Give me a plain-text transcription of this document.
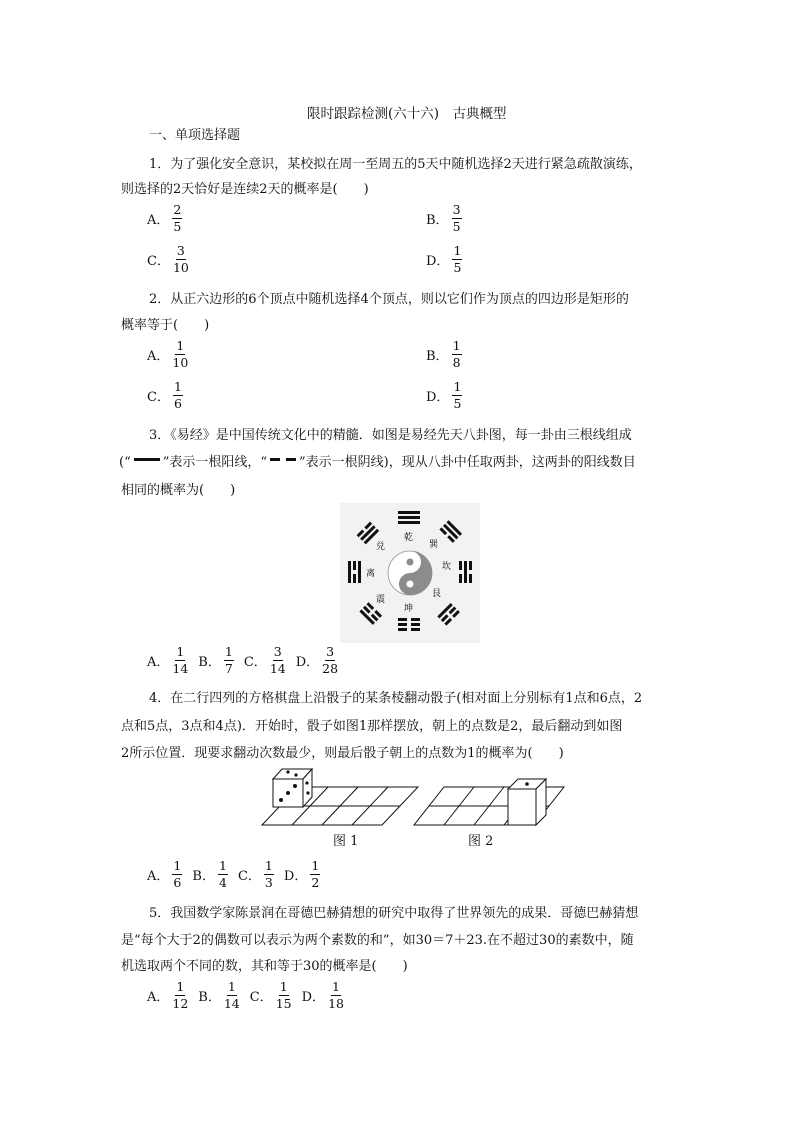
限时跟踪检测(六十六)　古典概型
一、单项选择题
1．为了强化安全意识，某校拟在周一至周五的5天中随机选择2天进行紧急疏散演练，
则选择的2天恰好是连续2天的概率是(　　)
A． $\frac{2}{5}$	B． $\frac{3}{5}$
C． $\frac{3}{10}$	D． $\frac{1}{5}$
2．从正六边形的6个顶点中随机选择4个顶点，则以它们作为顶点的四边形是矩形的
概率等于(　　)
A． $\frac{1}{10}$	B． $\frac{1}{8}$
C． $\frac{1}{6}$	D． $\frac{1}{5}$
3．《易经》是中国传统文化中的精髓．如图是易经先天八卦图，每一卦由三根线组成
(“ ”表示一根阳线，“ ”表示一根阴线)，现从八卦中任取两卦，这两卦的阳线数目
相同的概率为(　　)
乾
兑	巽
离
坎
震
艮
坤
A． $\frac{1}{14}$ B． $\frac{1}{7}$ C． $\frac{3}{14}$ D． $\frac{3}{28}$
4．在二行四列的方格棋盘上沿骰子的某条棱翻动骰子(相对面上分别标有1点和6点，2
点和5点，3点和4点)．开始时，骰子如图1那样摆放，朝上的点数是2，最后翻动到如图
2所示位置．现要求翻动次数最少，则最后骰子朝上的点数为1的概率为(　　)
图 1	图 2
A． $\frac{1}{6}$ B． $\frac{1}{4}$ C． $\frac{1}{3}$ D． $\frac{1}{2}$
5．我国数学家陈景润在哥德巴赫猜想的研究中取得了世界领先的成果．哥德巴赫猜想
是“每个大于2的偶数可以表示为两个素数的和”，如30＝7＋23.在不超过30的素数中，随
机选取两个不同的数，其和等于30的概率是(　　)
A． $\frac{1}{12}$ B． $\frac{1}{14}$ C． $\frac{1}{15}$ D． $\frac{1}{18}$
